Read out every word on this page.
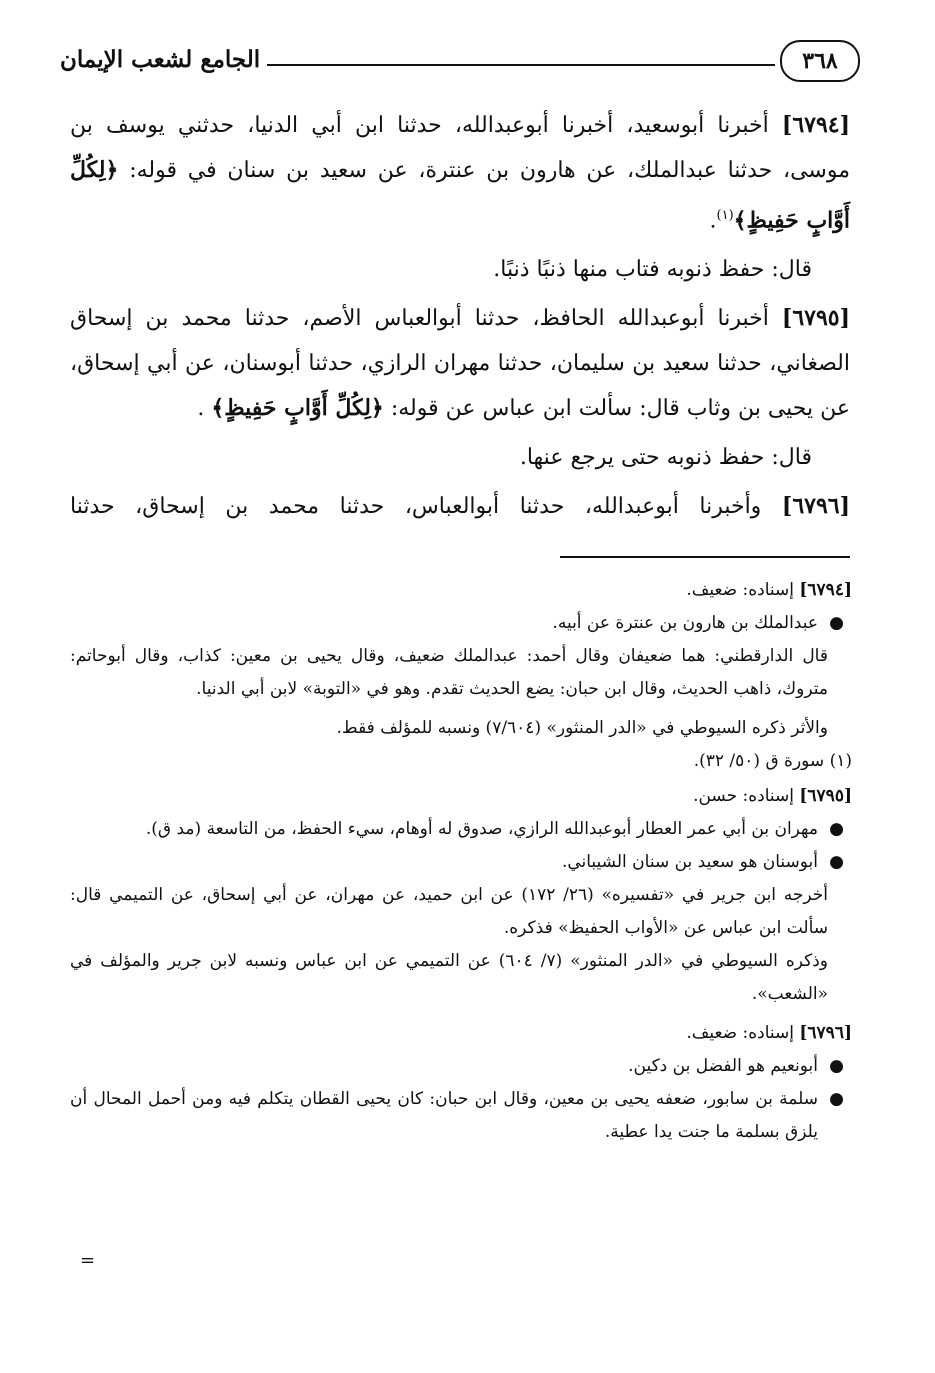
الجامع لشعب الإيمان	٣٦٨

[٦٧٩٤] أخبرنا أبوسعيد، أخبرنا أبوعبدالله، حدثنا ابن أبي الدنيا، حدثني يوسف بن موسى، حدثنا عبدالملك، عن هارون بن عنترة، عن سعيد بن سنان في قوله: ﴿لِكُلِّ أَوَّابٍ حَفِيظٍ﴾$^{(١)}$.

قال: حفظ ذنوبه فتاب منها ذنبًا ذنبًا.

[٦٧٩٥] أخبرنا أبوعبدالله الحافظ، حدثنا أبوالعباس الأصم، حدثنا محمد بن إسحاق الصغاني، حدثنا سعيد بن سليمان، حدثنا مهران الرازي، حدثنا أبوسنان، عن أبي إسحاق، عن يحيى بن وثاب قال: سألت ابن عباس عن قوله: ﴿لِكُلِّ أَوَّابٍ حَفِيظٍ﴾ .

قال: حفظ ذنوبه حتى يرجع عنها.

[٦٧٩٦] وأخبرنا أبوعبدالله، حدثنا أبوالعباس، حدثنا محمد بن إسحاق، حدثنا

[٦٧٩٤] إسناده: ضعيف.

●
عبدالملك بن هارون بن عنترة عن أبيه.

قال الدارقطني: هما ضعيفان وقال أحمد: عبدالملك ضعيف، وقال يحيى بن معين: كذاب، وقال أبوحاتم: متروك، ذاهب الحديث، وقال ابن حبان: يضع الحديث تقدم. وهو في «التوبة» لابن أبي الدنيا.

والأثر ذكره السيوطي في «الدر المنثور» (٧/٦٠٤) ونسبه للمؤلف فقط.

(١) سورة ق (٥٠/ ٣٢).

[٦٧٩٥] إسناده: حسن.

●
مهران بن أبي عمر العطار أبوعبدالله الرازي، صدوق له أوهام، سيء الحفظ، من التاسعة (مد ق).

●
أبوسنان هو سعيد بن سنان الشيباني.

أخرجه ابن جرير في «تفسيره» (٢٦/ ١٧٢) عن ابن حميد، عن مهران، عن أبي إسحاق، عن التميمي قال: سألت ابن عباس عن «الأواب الحفيظ» فذكره.

وذكره السيوطي في «الدر المنثور» (٧/ ٦٠٤) عن التميمي عن ابن عباس ونسبه لابن جرير والمؤلف في «الشعب».

[٦٧٩٦] إسناده: ضعيف.

●
أبونعيم هو الفضل بن دكين.

●
سلمة بن سابور، ضعفه يحيى بن معين، وقال ابن حبان: كان يحيى القطان يتكلم فيه ومن أحمل المحال أن يلزق بسلمة ما جنت يدا عطية.

=
